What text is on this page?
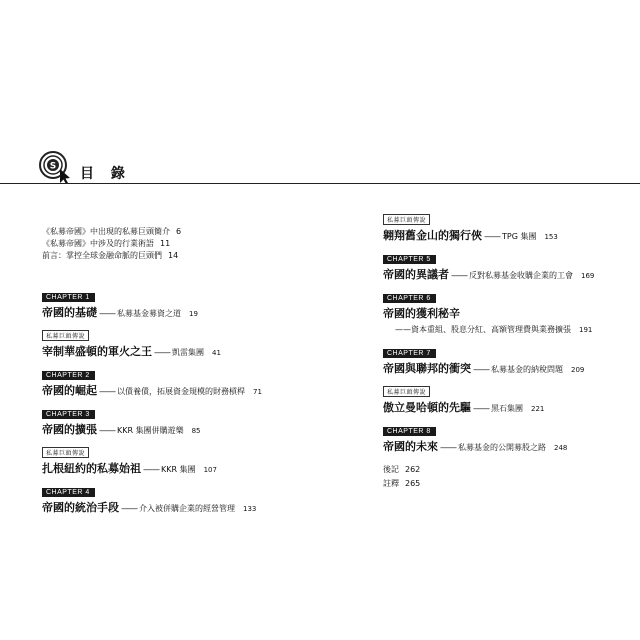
S 目 錄
《私募帝國》中出現的私募巨頭簡介 6
《私募帝國》中涉及的行業術語 11
前言：掌控全球金融命脈的巨頭們 14
CHAPTER 1
帝國的基礎 —— 私募基金募資之道 19
私募巨頭傳說
宰制華盛頓的軍火之王 —— 凱雷集團 41
CHAPTER 2
帝國的崛起 —— 以債養債，拓展資金規模的財務槓桿 71
CHAPTER 3
帝國的擴張 —— KKR 集團併購遊樂 85
私募巨頭傳說
扎根紐約的私募始祖 —— KKR 集團 107
CHAPTER 4
帝國的統治手段 —— 介入被併購企業的經營管理 133
私募巨頭傳說
翱翔舊金山的獨行俠 —— TPG 集團 153
CHAPTER 5
帝國的異議者 —— 反對私募基金收購企業的工會 169
CHAPTER 6
帝國的獲利秘辛
——資本重組、股息分紅、高額管理費與業務擴張 191
CHAPTER 7
帝國與聯邦的衝突 —— 私募基金的納稅問題 209
私募巨頭傳說
傲立曼哈頓的先驅 —— 黑石集團 221
CHAPTER 8
帝國的未來 —— 私募基金的公開募股之路 248
後記 262
註釋 265
